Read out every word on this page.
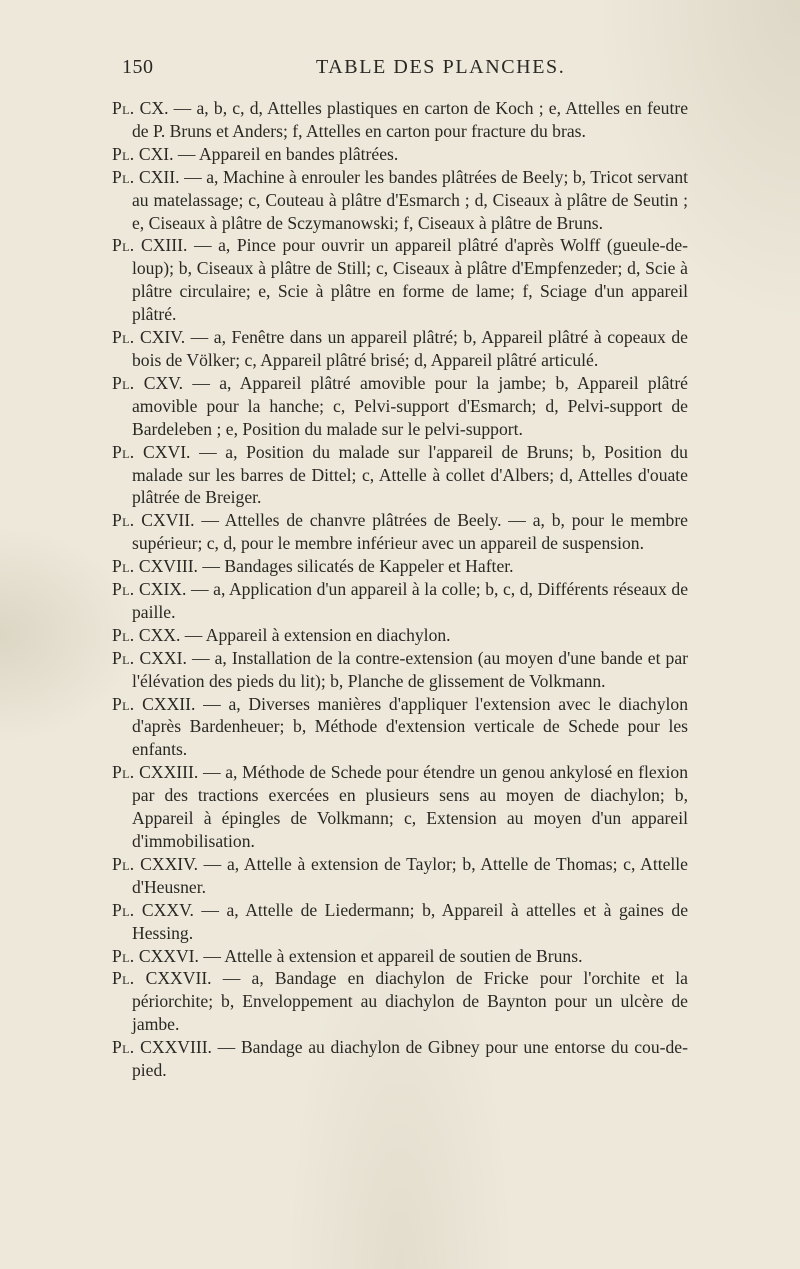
150	TABLE DES PLANCHES.
Pl. CX. — a, b, c, d, Attelles plastiques en carton de Koch ; e, Attelles en feutre de P. Bruns et Anders; f, Attelles en carton pour fracture du bras.
Pl. CXI. — Appareil en bandes plâtrées.
Pl. CXII. — a, Machine à enrouler les bandes plâtrées de Beely; b, Tricot servant au matelassage; c, Couteau à plâtre d'Esmarch ; d, Ciseaux à plâtre de Seutin ; e, Ciseaux à plâtre de Sczymanowski; f, Ciseaux à plâtre de Bruns.
Pl. CXIII. — a, Pince pour ouvrir un appareil plâtré d'après Wolff (gueule-de-loup); b, Ciseaux à plâtre de Still; c, Ciseaux à plâtre d'Empfenzeder; d, Scie à plâtre circulaire; e, Scie à plâtre en forme de lame; f, Sciage d'un appareil plâtré.
Pl. CXIV. — a, Fenêtre dans un appareil plâtré; b, Appareil plâtré à copeaux de bois de Völker; c, Appareil plâtré brisé; d, Appareil plâtré articulé.
Pl. CXV. — a, Appareil plâtré amovible pour la jambe; b, Appareil plâtré amovible pour la hanche; c, Pelvi-support d'Esmarch; d, Pelvi-support de Bardeleben ; e, Position du malade sur le pelvi-support.
Pl. CXVI. — a, Position du malade sur l'appareil de Bruns; b, Position du malade sur les barres de Dittel; c, Attelle à collet d'Albers; d, Attelles d'ouate plâtrée de Breiger.
Pl. CXVII. — Attelles de chanvre plâtrées de Beely. — a, b, pour le membre supérieur; c, d, pour le membre inférieur avec un appareil de suspension.
Pl. CXVIII. — Bandages silicatés de Kappeler et Hafter.
Pl. CXIX. — a, Application d'un appareil à la colle; b, c, d, Différents réseaux de paille.
Pl. CXX. — Appareil à extension en diachylon.
Pl. CXXI. — a, Installation de la contre-extension (au moyen d'une bande et par l'élévation des pieds du lit); b, Planche de glissement de Volkmann.
Pl. CXXII. — a, Diverses manières d'appliquer l'extension avec le diachylon d'après Bardenheuer; b, Méthode d'extension verticale de Schede pour les enfants.
Pl. CXXIII. — a, Méthode de Schede pour étendre un genou ankylosé en flexion par des tractions exercées en plusieurs sens au moyen de diachylon; b, Appareil à épingles de Volkmann; c, Extension au moyen d'un appareil d'immobilisation.
Pl. CXXIV. — a, Attelle à extension de Taylor; b, Attelle de Thomas; c, Attelle d'Heusner.
Pl. CXXV. — a, Attelle de Liedermann; b, Appareil à attelles et à gaines de Hessing.
Pl. CXXVI. — Attelle à extension et appareil de soutien de Bruns.
Pl. CXXVII. — a, Bandage en diachylon de Fricke pour l'orchite et la périorchite; b, Enveloppement au diachylon de Baynton pour un ulcère de jambe.
Pl. CXXVIII. — Bandage au diachylon de Gibney pour une entorse du cou-de-pied.
